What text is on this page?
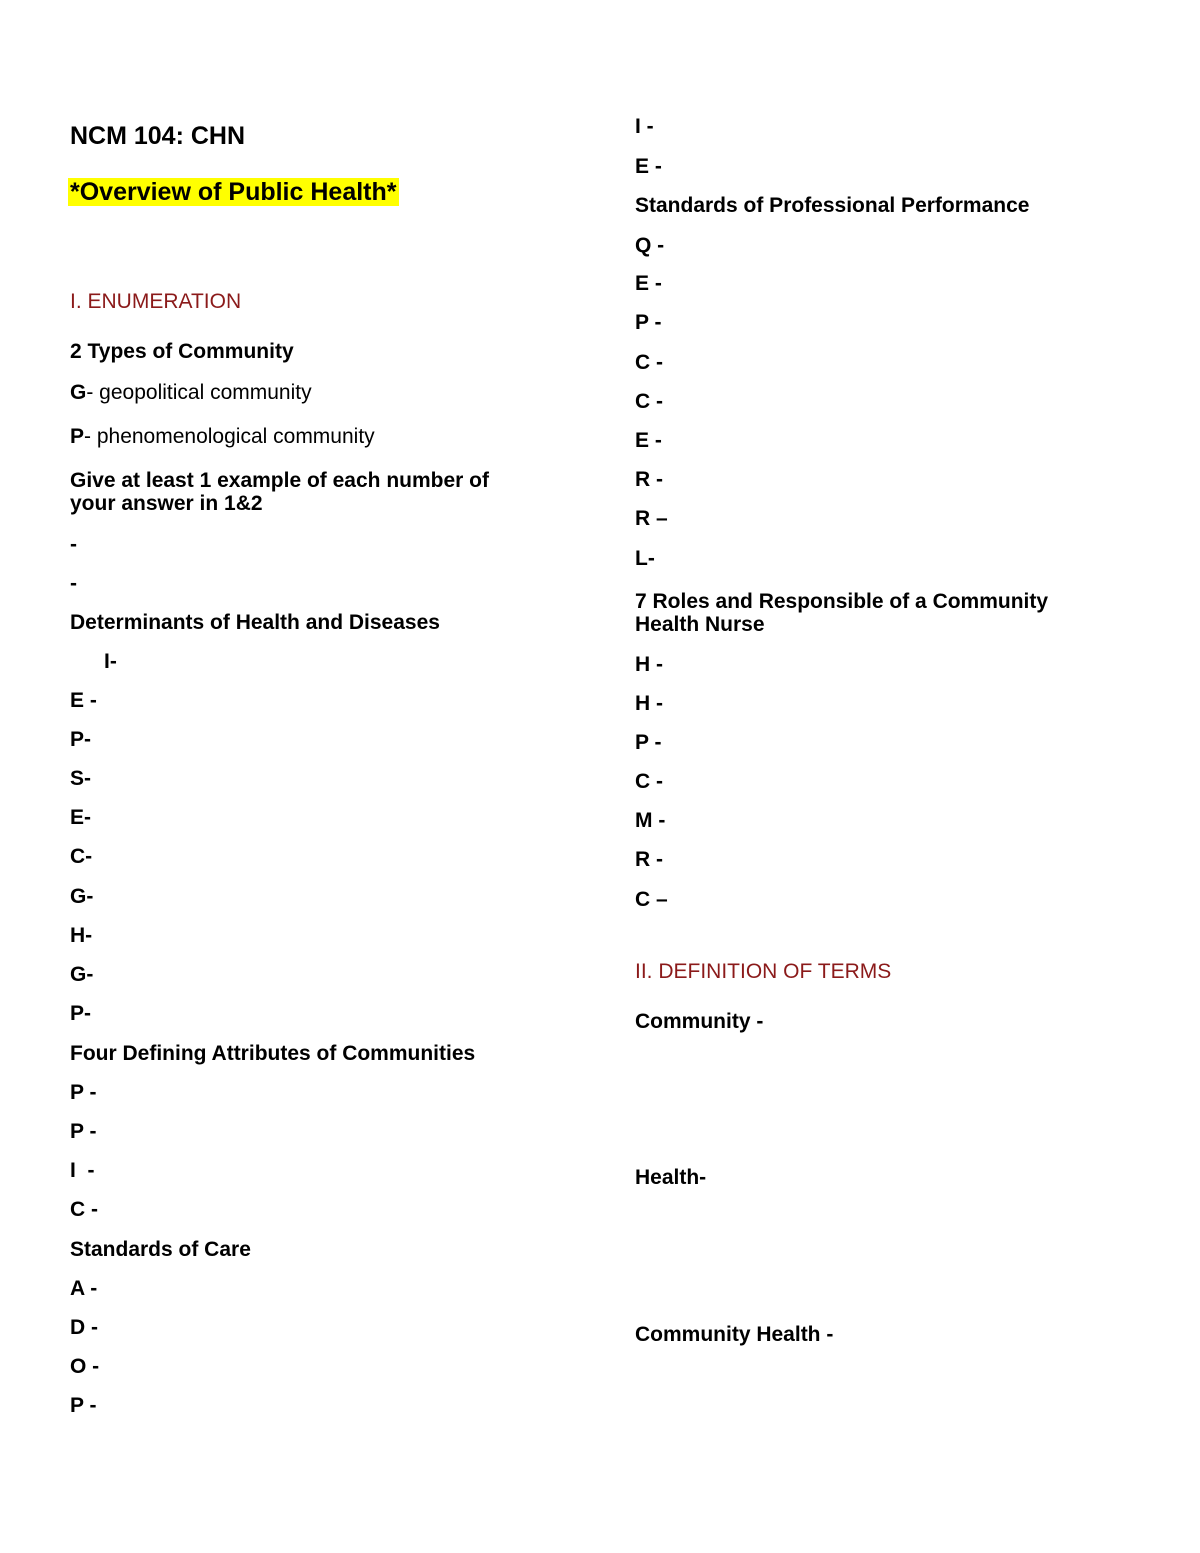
NCM 104: CHN
*Overview of Public Health*
I. ENUMERATION
2 Types of Community
G- geopolitical community
P- phenomenological community
Give at least 1 example of each number of
your answer in 1&2
-
-
Determinants of Health and Diseases
I-
E -
P-
S-
E-
C-
G-
H-
G-
P-
Four Defining Attributes of Communities
P -
P -
I  -
C -
Standards of Care
A -
D -
O -
P -
I -
E -
Standards of Professional Performance
Q -
E -
P -
C -
C -
E -
R -
R –
L-
7 Roles and Responsible of a Community
Health Nurse
H -
H -
P -
C -
M -
R -
C –
II. DEFINITION OF TERMS
Community -
Health-
Community Health -
